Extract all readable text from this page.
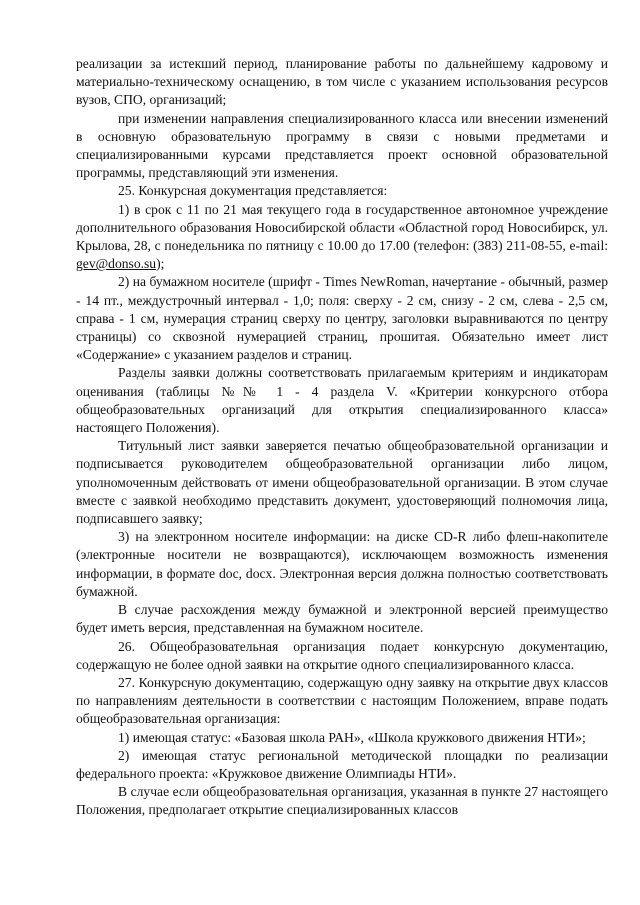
реализации за истекший период, планирование работы по дальнейшему кадровому и материально-техническому оснащению, в том числе с указанием использования ресурсов вузов, СПО, организаций;

при изменении направления специализированного класса или внесении изменений в основную образовательную программу в связи с новыми предметами и специализированными курсами представляется проект основной образовательной программы, представляющий эти изменения.

25. Конкурсная документация представляется:

1) в срок с 11 по 21 мая текущего года в государственное автономное учреждение дополнительного образования Новосибирской области «Областной город Новосибирск, ул. Крылова, 28, с понедельника по пятницу с 10.00 до 17.00 (телефон: (383) 211-08-55, e-mail: gev@donso.su);

2) на бумажном носителе (шрифт - Times NewRoman, начертание - обычный, размер - 14 пт., междустрочный интервал - 1,0; поля: сверху - 2 см, снизу - 2 см, слева - 2,5 см, справа - 1 см, нумерация страниц сверху по центру, заголовки выравниваются по центру страницы) со сквозной нумерацией страниц, прошитая. Обязательно имеет лист «Содержание» с указанием разделов и страниц.

Разделы заявки должны соответствовать прилагаемым критериям и индикаторам оценивания (таблицы №№ 1 - 4 раздела V. «Критерии конкурсного отбора общеобразовательных организаций для открытия специализированного класса» настоящего Положения).

Титульный лист заявки заверяется печатью общеобразовательной организации и подписывается руководителем общеобразовательной организации либо лицом, уполномоченным действовать от имени общеобразовательной организации. В этом случае вместе с заявкой необходимо представить документ, удостоверяющий полномочия лица, подписавшего заявку;

3) на электронном носителе информации: на диске CD-R либо флеш-накопителе (электронные носители не возвращаются), исключающем возможность изменения информации, в формате doc, docx. Электронная версия должна полностью соответствовать бумажной.

В случае расхождения между бумажной и электронной версией преимущество будет иметь версия, представленная на бумажном носителе.

26. Общеобразовательная организация подает конкурсную документацию, содержащую не более одной заявки на открытие одного специализированного класса.

27. Конкурсную документацию, содержащую одну заявку на открытие двух классов по направлениям деятельности в соответствии с настоящим Положением, вправе подать общеобразовательная организация:

1) имеющая статус: «Базовая школа РАН», «Школа кружкового движения НТИ»;

2) имеющая статус региональной методической площадки по реализации федерального проекта: «Кружковое движение Олимпиады НТИ».

В случае если общеобразовательная организация, указанная в пункте 27 настоящего Положения, предполагает открытие специализированных классов
